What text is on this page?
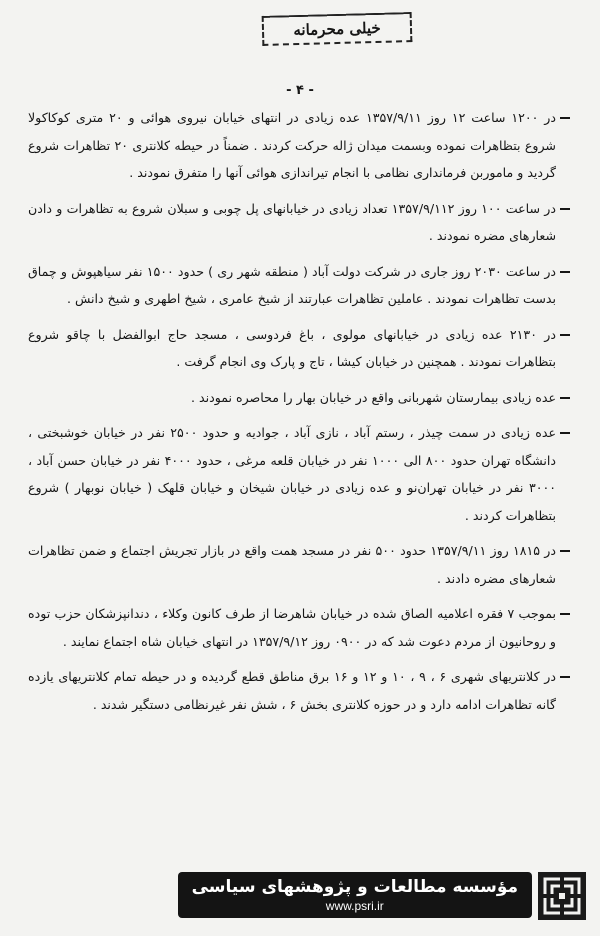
خیلی محرمانه
- ۴ -

در ۱۲۰۰ ساعت ۱۲ روز ۱۳۵۷/۹/۱۱ عده زیادی در انتهای خیابان نیروی هوائی و ۲۰ متری کوکاکولا شروع بتظاهرات نموده وبسمت میدان ژاله حرکت کردند . ضمناً در حیطه کلانتری ۲۰ تظاهرات شروع گردید و ماموربن فرمانداری نظامی با انجام تیراندازی هوائی آنها را متفرق نمودند .

در ساعت ۱۰۰ روز ۱۳۵۷/۹/۱۱۲ تعداد زیادی در خیابانهای پل چوبی و سبلان شروع به تظاهرات و دادن شعارهای مضره نمودند .

در ساعت ۲۰۳۰ روز جاری در شرکت دولت آباد ( منطقه شهر ری ) حدود ۱۵۰۰ نفر سیاهپوش و چماق بدست تظاهرات نمودند . عاملین تظاهرات عبارتند از شیخ عامری ، شیخ اطهری و شیخ دانش .

در ۲۱۳۰ عده زیادی در خیابانهای مولوی ، باغ فردوسی ، مسجد حاج ابوالفضل با چاقو شروع بتظاهرات نمودند . همچنین در خیابان کیشا ، تاج و پارک وی انجام گرفت .

عده زیادی بیمارستان شهربانی واقع در خیابان بهار را محاصره نمودند .

عده زیادی در سمت چیذر ، رستم آباد ، نازی آباد ، جوادیه و حدود ۲۵۰۰ نفر در خیابان خوشبختی ، دانشگاه تهران حدود ۸۰۰ الی ۱۰۰۰ نفر در خیابان قلعه مرغی ، حدود ۴۰۰۰ نفر در خیابان حسن آباد ، ۳۰۰۰ نفر در خیابان تهران‌نو و عده زیادی در خیابان شیخان و خیابان قلهک ( خیابان نوبهار ) شروع بتظاهرات کردند .

در ۱۸۱۵ روز ۱۳۵۷/۹/۱۱ حدود ۵۰۰ نفر در مسجد همت واقع در بازار تجریش اجتماع و ضمن تظاهرات شعارهای مضره دادند .

بموجب ۷ فقره اعلامیه الصاق شده در خیابان شاهرضا از طرف کانون وکلاء ، دندانپزشکان حزب توده و روحانیون از مردم دعوت شد که در ۰۹۰۰ روز ۱۳۵۷/۹/۱۲ در انتهای خیابان شاه اجتماع نمایند .

در کلانتریهای شهری ۶ ، ۹ ، ۱۰ و ۱۲ و ۱۶ برق مناطق قطع گردیده و در حیطه تمام کلانتریهای یازده گانه تظاهرات ادامه دارد و در حوزه کلانتری بخش ۶ ، شش نفر غیرنظامی دستگیر شدند .

مؤسسه مطالعات و پژوهشهای سیاسی
www.psri.ir
